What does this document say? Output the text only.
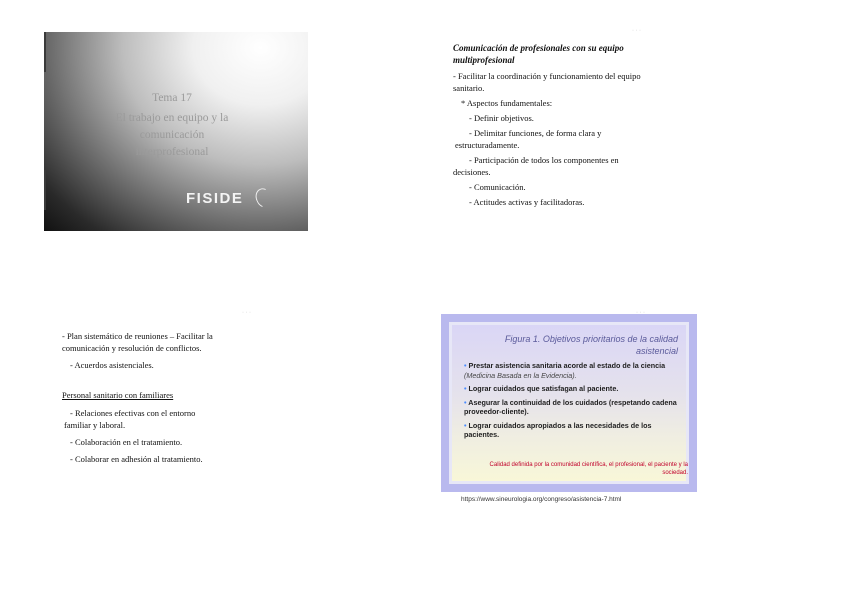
Tema 17
El trabajo en equipo y la
comunicación
interprofesional
FISIDE

Comunicación de profesionales con su equipo

multiprofesional

- Facilitar la coordinación y funcionamiento del equipo

sanitario.

* Aspectos fundamentales:

- Definir objetivos.

- Delimitar funciones, de forma clara y

estructuradamente.

- Participación de todos los componentes en

decisiones.

- Comunicación.

- Actitudes activas y facilitadoras.

- Plan sistemático de reuniones – Facilitar la

comunicación y resolución de conflictos.

- Acuerdos asistenciales.

Personal sanitario con familiares

- Relaciones efectivas con el entorno

familiar y laboral.

- Colaboración en el tratamiento.

- Colaborar en adhesión al tratamiento.

Figura 1. Objetivos prioritarios de la calidad
asistencial

• Prestar asistencia sanitaria acorde al estado de la ciencia (Medicina Basada en la Evidencia).

• Lograr cuidados que satisfagan al paciente.

• Asegurar la continuidad de los cuidados (respetando cadena proveedor-cliente).

• Lograr cuidados apropiados a las necesidades de los pacientes.

Calidad definida por la comunidad científica, el profesional, el paciente y la sociedad.
https://www.sineurologia.org/congreso/asistencia-7.html
· · ·
· · ·	· · ·
